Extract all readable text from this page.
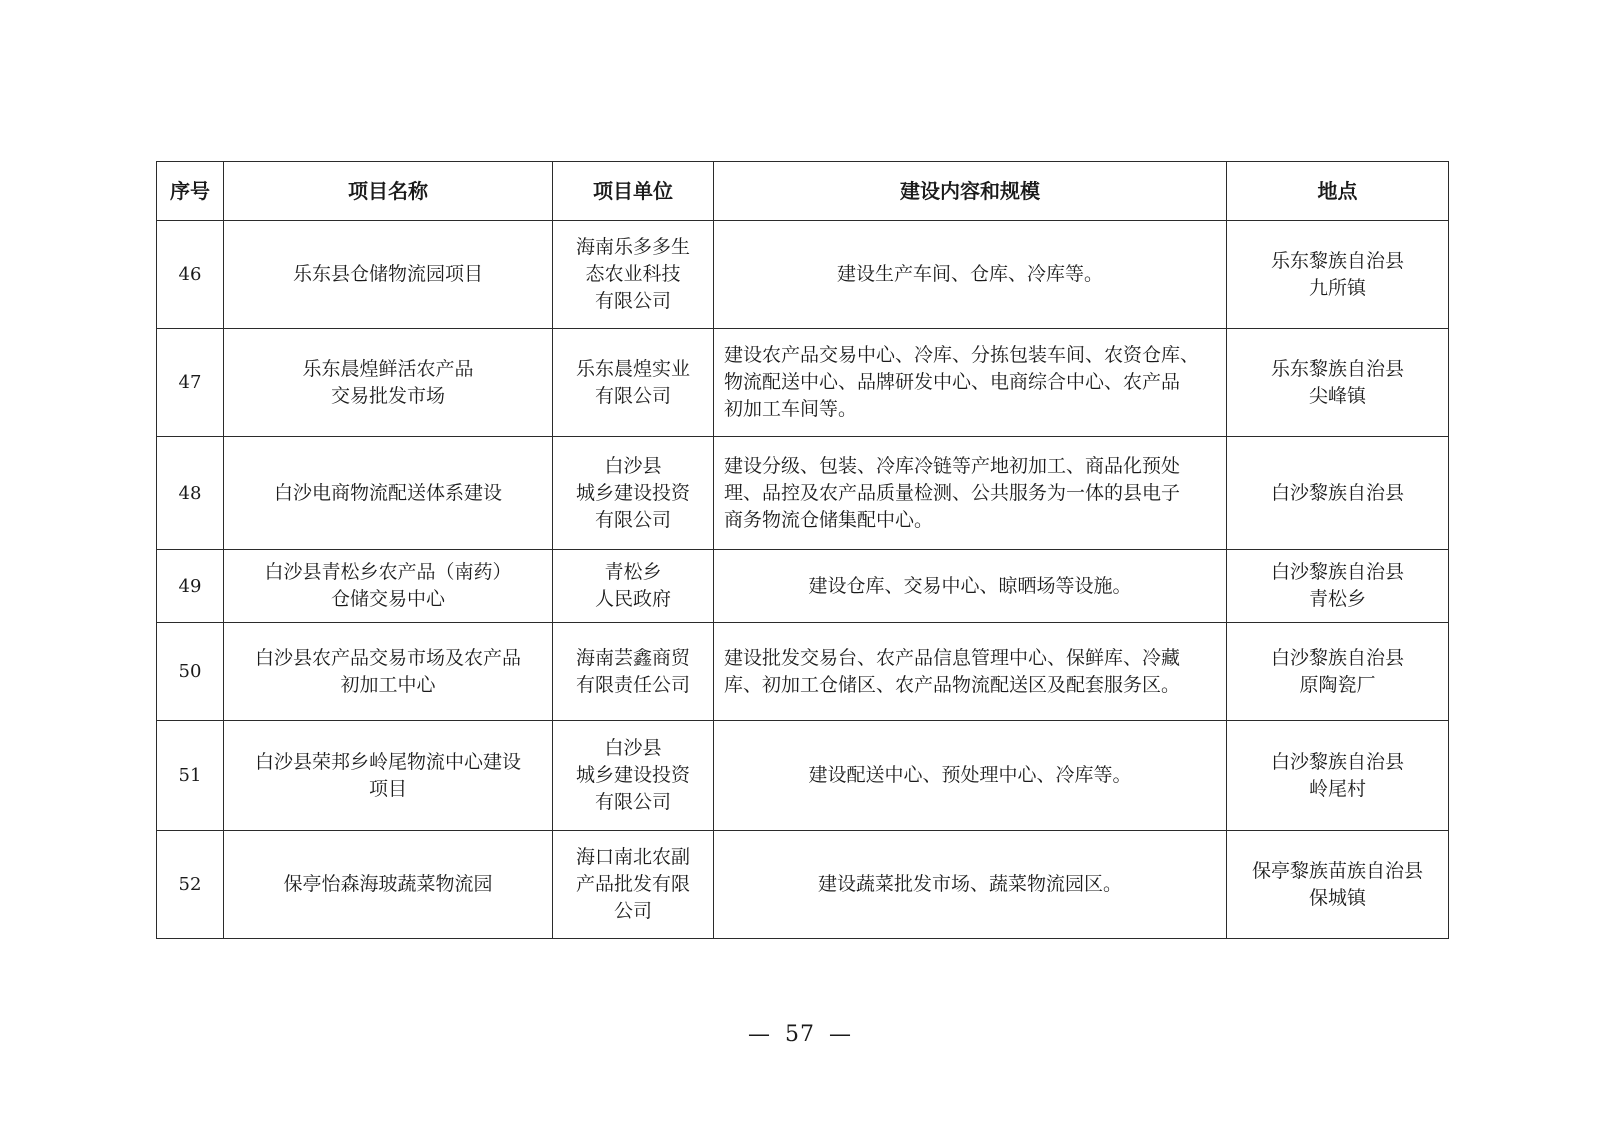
序号	项目名称	项目单位	建设内容和规模	地点
46	乐东县仓储物流园项目	海南乐多多生
态农业科技
有限公司	建设生产车间、仓库、冷库等。	乐东黎族自治县
九所镇

47	乐东晨煌鲜活农产品
交易批发市场	乐东晨煌实业
有限公司	建设农产品交易中心、冷库、分拣包装车间、农资仓库、
物流配送中心、品牌研发中心、电商综合中心、农产品
初加工车间等。	乐东黎族自治县
尖峰镇

48	白沙电商物流配送体系建设	白沙县
城乡建设投资
有限公司	建设分级、包装、冷库冷链等产地初加工、商品化预处
理、品控及农产品质量检测、公共服务为一体的县电子
商务物流仓储集配中心。	白沙黎族自治县

49	白沙县青松乡农产品（南药）
仓储交易中心	青松乡
人民政府	建设仓库、交易中心、晾晒场等设施。	白沙黎族自治县
青松乡

50	白沙县农产品交易市场及农产品
初加工中心	海南芸鑫商贸
有限责任公司	建设批发交易台、农产品信息管理中心、保鲜库、冷藏
库、初加工仓储区、农产品物流配送区及配套服务区。	白沙黎族自治县
原陶瓷厂

51	白沙县荣邦乡岭尾物流中心建设
项目	白沙县
城乡建设投资
有限公司	建设配送中心、预处理中心、冷库等。	白沙黎族自治县
岭尾村

52	保亭怡森海玻蔬菜物流园	海口南北农副
产品批发有限
公司	建设蔬菜批发市场、蔬菜物流园区。	保亭黎族苗族自治县
保城镇
— 57 —
